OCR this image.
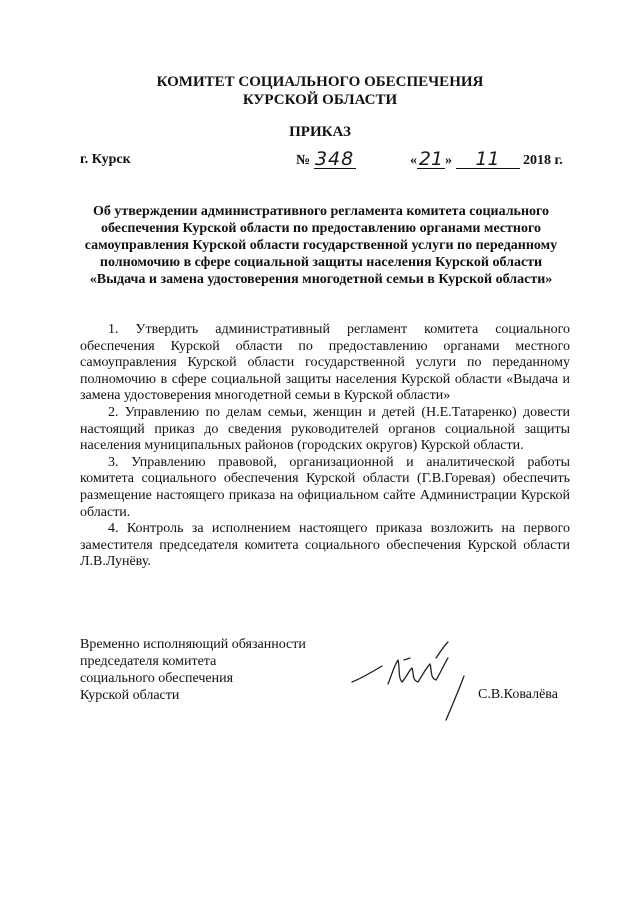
КОМИТЕТ СОЦИАЛЬНОГО ОБЕСПЕЧЕНИЯ
КУРСКОЙ ОБЛАСТИ
ПРИКАЗ
г. Курск	№ 348	« 21 » 11 2018 г.
Об утверждении административного регламента комитета социального обеспечения Курской области по предоставлению органами местного самоуправления Курской области государственной услуги по переданному полномочию в сфере социальной защиты населения Курской области «Выдача и замена удостоверения многодетной семьи в Курской области»

1. Утвердить административный регламент комитета социального обеспечения Курской области по предоставлению органами местного самоуправления Курской области государственной услуги по переданному полномочию в сфере социальной защиты населения Курской области «Выдача и замена удостоверения многодетной семьи в Курской области»

2. Управлению по делам семьи, женщин и детей (Н.Е.Татаренко) довести настоящий приказ до сведения руководителей органов социальной защиты населения муниципальных районов (городских округов) Курской области.

3. Управлению правовой, организационной и аналитической работы комитета социального обеспечения Курской области (Г.В.Горевая) обеспечить размещение настоящего приказа на официальном сайте Администрации Курской области.

4. Контроль за исполнением настоящего приказа возложить на первого заместителя председателя комитета социального обеспечения Курской области Л.В.Лунёву.

Временно исполняющий обязанности
председателя комитета
социального обеспечения
Курской области	С.В.Ковалёва
